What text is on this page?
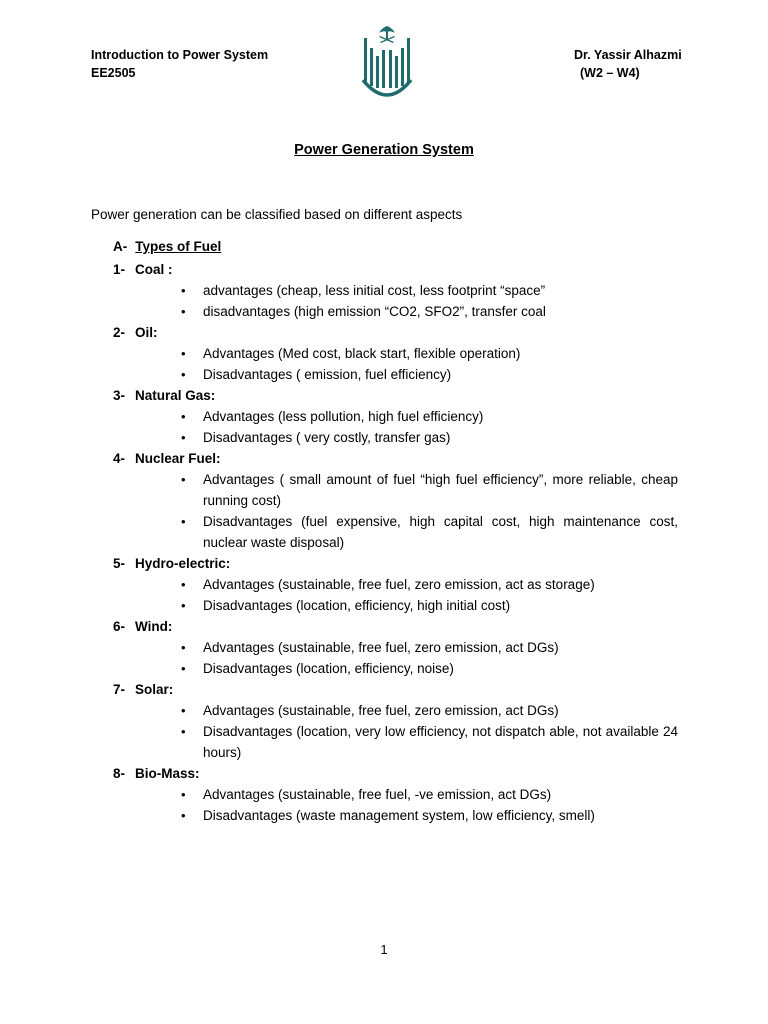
Introduction to Power System
EE2505
Dr. Yassir Alhazmi
(W2 – W4)
Power Generation System
Power generation can be classified based on different aspects
A- Types of Fuel
1- Coal :
• advantages (cheap, less initial cost, less footprint “space”
• disadvantages (high emission “CO2, SFO2”, transfer coal
2- Oil:
• Advantages (Med cost, black start, flexible operation)
• Disadvantages ( emission, fuel efficiency)
3- Natural Gas:
• Advantages (less pollution, high fuel efficiency)
• Disadvantages ( very costly, transfer gas)
4- Nuclear Fuel:
• Advantages ( small amount of fuel “high fuel efficiency”, more reliable, cheap running cost)
• Disadvantages (fuel expensive, high capital cost, high maintenance cost, nuclear waste disposal)
5- Hydro-electric:
• Advantages (sustainable, free fuel, zero emission, act as storage)
• Disadvantages (location, efficiency, high initial cost)
6- Wind:
• Advantages (sustainable, free fuel, zero emission, act DGs)
• Disadvantages (location, efficiency, noise)
7- Solar:
• Advantages (sustainable, free fuel, zero emission, act DGs)
• Disadvantages (location, very low efficiency, not dispatch able, not available 24 hours)
8- Bio-Mass:
• Advantages (sustainable, free fuel, -ve emission, act DGs)
• Disadvantages (waste management system, low efficiency, smell)
1
